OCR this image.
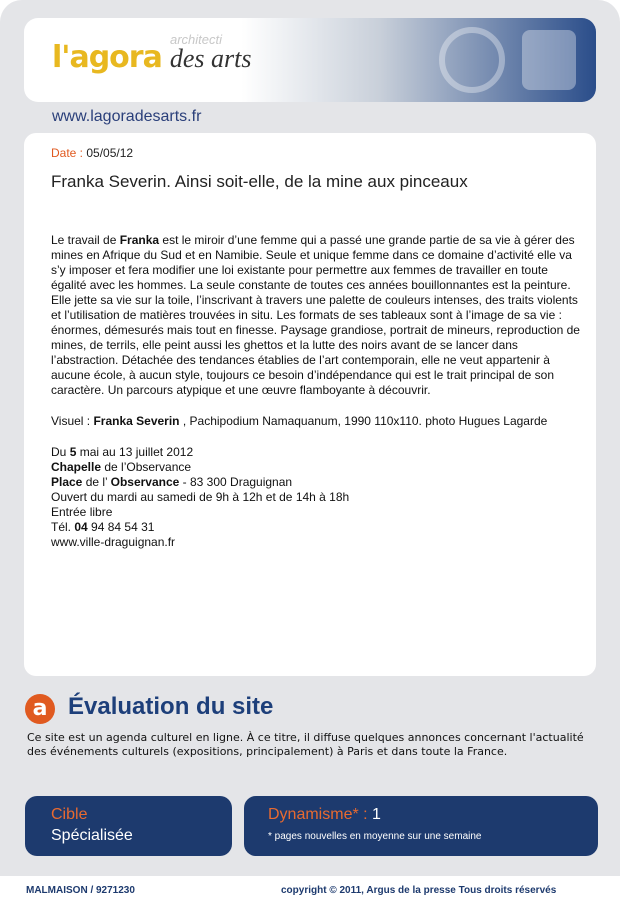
architecti
l'agora des arts
www.lagoradesarts.fr
Date : 05/05/12
Franka Severin. Ainsi soit-elle, de la mine aux pinceaux

Le travail de Franka est le miroir d’une femme qui a passé une grande partie de sa vie à gérer des mines en Afrique du Sud et en Namibie. Seule et unique femme dans ce domaine d’activité elle va s’y imposer et fera modifier une loi existante pour permettre aux femmes de travailler en toute égalité avec les hommes. La seule constante de toutes ces années bouillonnantes est la peinture. Elle jette sa vie sur la toile, l’inscrivant à travers une palette de couleurs intenses, des traits violents et l’utilisation de matières trouvées in situ. Les formats de ses tableaux sont à l’image de sa vie : énormes, démesurés mais tout en finesse. Paysage grandiose, portrait de mineurs, reproduction de mines, de terrils, elle peint aussi les ghettos et la lutte des noirs avant de se lancer dans l’abstraction. Détachée des tendances établies de l’art contemporain, elle ne veut appartenir à aucune école, à aucun style, toujours ce besoin d’indépendance qui est le trait principal de son caractère. Un parcours atypique et une œuvre flamboyante à découvrir.

Visuel : Franka Severin , Pachipodium Namaquanum, 1990 110x110. photo Hugues Lagarde

Du 5 mai au 13 juillet 2012
Chapelle de l’Observance
Place de l’ Observance - 83 300 Draguignan
Ouvert du mardi au samedi de 9h à 12h et de 14h à 18h
Entrée libre
Tél. 04 94 84 54 31
www.ville-draguignan.fr
a Évaluation du site
Ce site est un agenda culturel en ligne. À ce titre, il diffuse quelques annonces concernant l'actualité des événements culturels (expositions, principalement) à Paris et dans toute la France.
Cible
Spécialisée
Dynamisme* : 1
* pages nouvelles en moyenne sur une semaine
MALMAISON / 9271230	copyright © 2011, Argus de la presse Tous droits réservés
